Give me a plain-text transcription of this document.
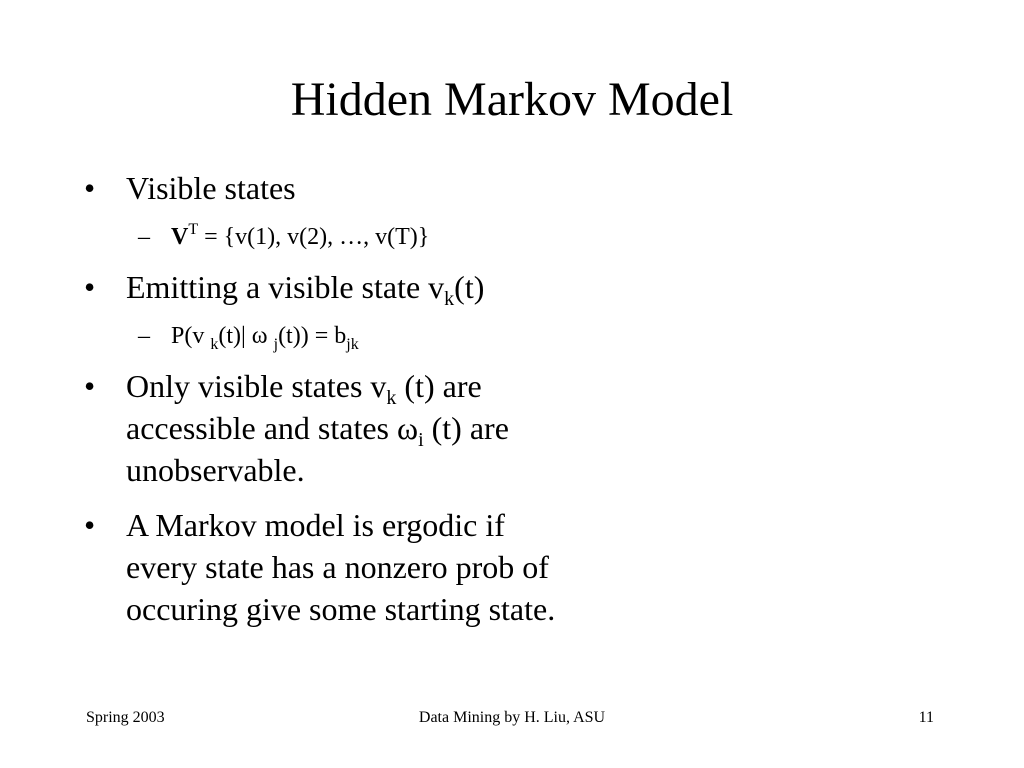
Hidden Markov Model
• Visible states
– $V^T = \{v(1)$, v(2), …, v(T)}
• Emitting a visible state $v_k(t)$
– P(v $_k$(t)| ω $_j(t)) = b_{jk}$
• Only visible states $v_k$ (t) are
accessible and states $\omega_i$ (t) are
unobservable.
• A Markov model is ergodic if
every state has a nonzero prob of
occuring give some starting state.
Spring 2003	Data Mining by H. Liu, ASU	11
